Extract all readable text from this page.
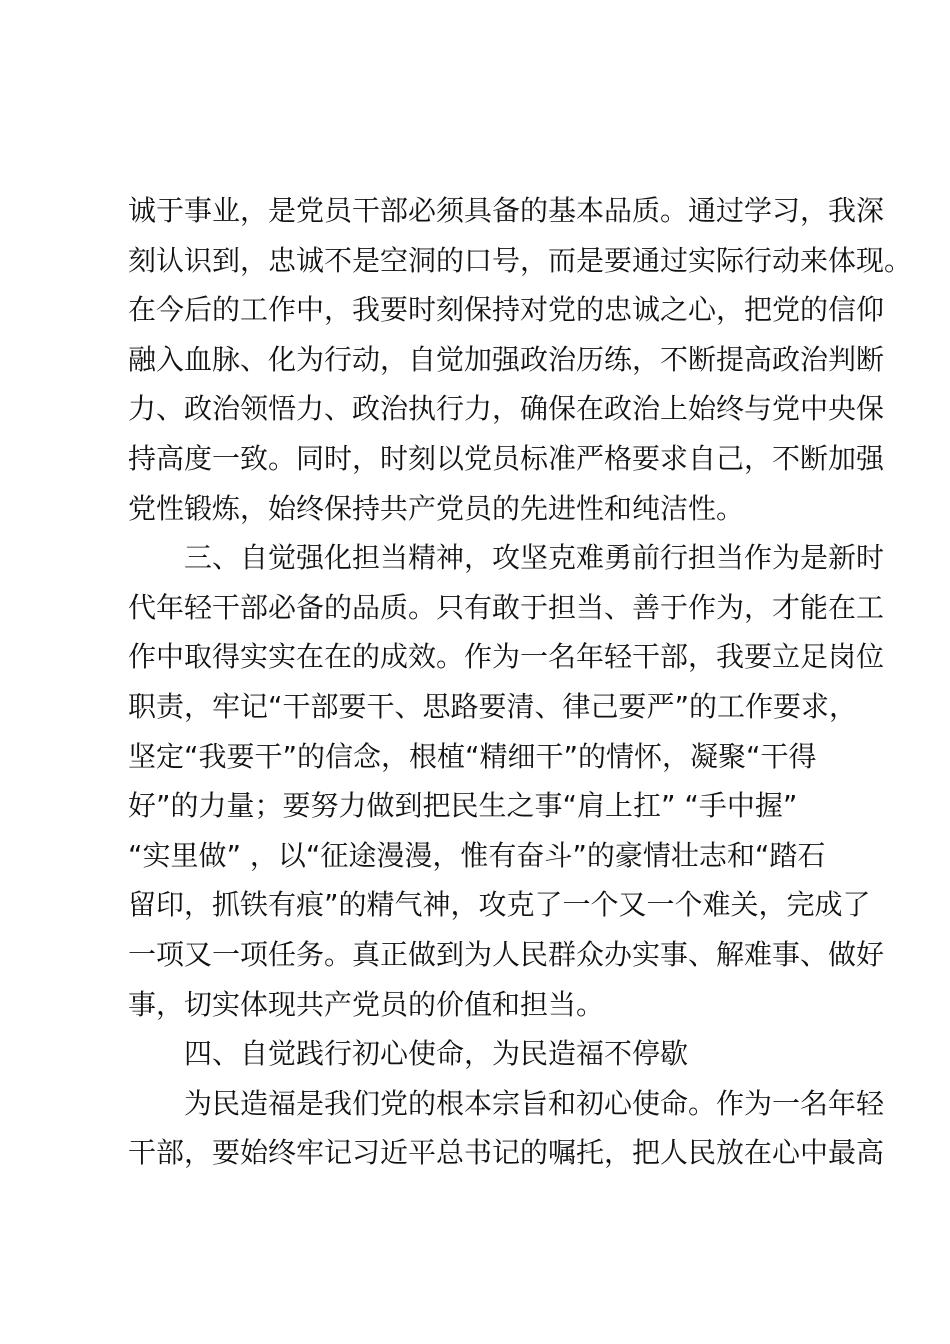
诚于事业，是党员干部必须具备的基本品质。通过学习，我深
刻认识到，忠诚不是空洞的口号，而是要通过实际行动来体现。
在今后的工作中，我要时刻保持对党的忠诚之心，把党的信仰
融入血脉、化为行动，自觉加强政治历练，不断提高政治判断
力、政治领悟力、政治执行力，确保在政治上始终与党中央保
持高度一致。同时，时刻以党员标准严格要求自己，不断加强
党性锻炼，始终保持共产党员的先进性和纯洁性。
　　三、自觉强化担当精神，攻坚克难勇前行担当作为是新时
代年轻干部必备的品质。只有敢于担当、善于作为，才能在工
作中取得实实在在的成效。作为一名年轻干部，我要立足岗位
职责，牢记“干部要干、思路要清、律己要严”的工作要求，
坚定“我要干”的信念，根植“精细干”的情怀，凝聚“干得
好”的力量；要努力做到把民生之事“肩上扛” “手中握”
“实里做” ，以“征途漫漫，惟有奋斗”的豪情壮志和“踏石
留印，抓铁有痕”的精气神，攻克了一个又一个难关，完成了
一项又一项任务。真正做到为人民群众办实事、解难事、做好
事，切实体现共产党员的价值和担当。
　　四、自觉践行初心使命，为民造福不停歇
　　为民造福是我们党的根本宗旨和初心使命。作为一名年轻
干部，要始终牢记习近平总书记的嘱托，把人民放在心中最高
